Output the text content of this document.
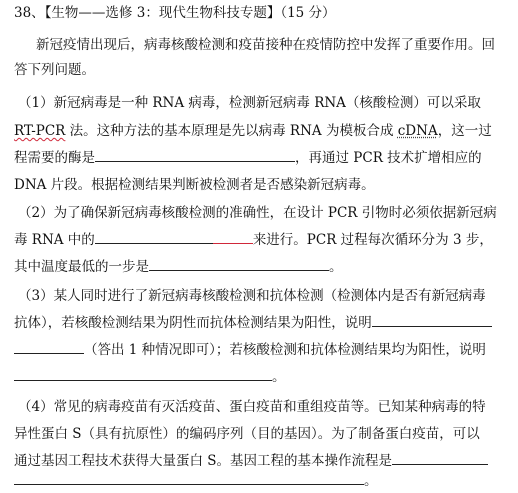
38、【生物——选修 3：现代生物科技专题】（15 分）
新冠疫情出现后，病毒核酸检测和疫苗接种在疫情防控中发挥了重要作用。回
答下列问题。
（1）新冠病毒是一种 RNA 病毒，检测新冠病毒 RNA（核酸检测）可以采取
RT-PCR 法。这种方法的基本原理是先以病毒 RNA 为模板合成 cDNA，这一过
程需要的酶是	，再通过 PCR 技术扩增相应的
DNA 片段。根据检测结果判断被检测者是否感染新冠病毒。
（2）为了确保新冠病毒核酸检测的准确性，在设计 PCR 引物时必须依据新冠病
毒 RNA 中的	来进行。PCR 过程每次循环分为 3 步，
其中温度最低的一步是	。
（3）某人同时进行了新冠病毒核酸检测和抗体检测（检测体内是否有新冠病毒
抗体），若核酸检测结果为阴性而抗体检测结果为阳性，说明
（答出 1 种情况即可）；若核酸检测和抗体检测结果均为阳性，说明
。
（4）常见的病毒疫苗有灭活疫苗、蛋白疫苗和重组疫苗等。已知某种病毒的特
异性蛋白 S（具有抗原性）的编码序列（目的基因）。为了制备蛋白疫苗，可以
通过基因工程技术获得大量蛋白 S。基因工程的基本操作流程是
。
